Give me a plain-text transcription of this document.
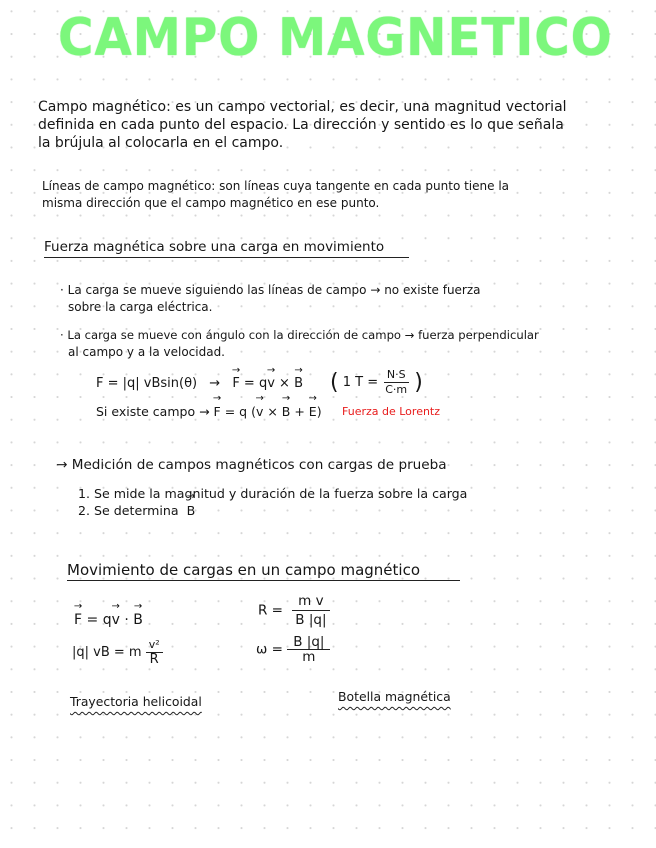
CAMPO MAGNETICO
Campo magnético: es un campo vectorial, es decir, una magnitud vectorial
definida en cada punto del espacio. La dirección y sentido es lo que señala
la brújula al colocarla en el campo.
Líneas de campo magnético: son líneas cuya tangente en cada punto tiene la
misma dirección que el campo magnético en ese punto.
Fuerza magnética sobre una carga en movimiento
· La carga se mueve siguiendo las líneas de campo → no existe fuerza
sobre la carga eléctrica.
· La carga se mueve con ángulo con la dirección de campo → fuerza perpendicular
al campo y a la velocidad.
F = |q| vBsin(θ) → → F = q→ v × → B ( 1 $T = \frac{N\cdot S}{C\cdot m}$ )
Si existe campo → → F = q (→ v × → B + → E) Fuerza de Lorentz
→ Medición de campos magnéticos con cargas de prueba
1. Se mide la magnitud y duración de la fuerza sobre la carga
2. Se determina → B
Movimiento de cargas en un campo magnético
→ F = q→ v · → B
|q| vB = m $\frac{\text{v²}}{R}$
$R = \frac{\text{m v}}{B |q|}$
$\omega = \frac{B |q|}{m}$
Trayectoria helicoidal	Botella magnética
